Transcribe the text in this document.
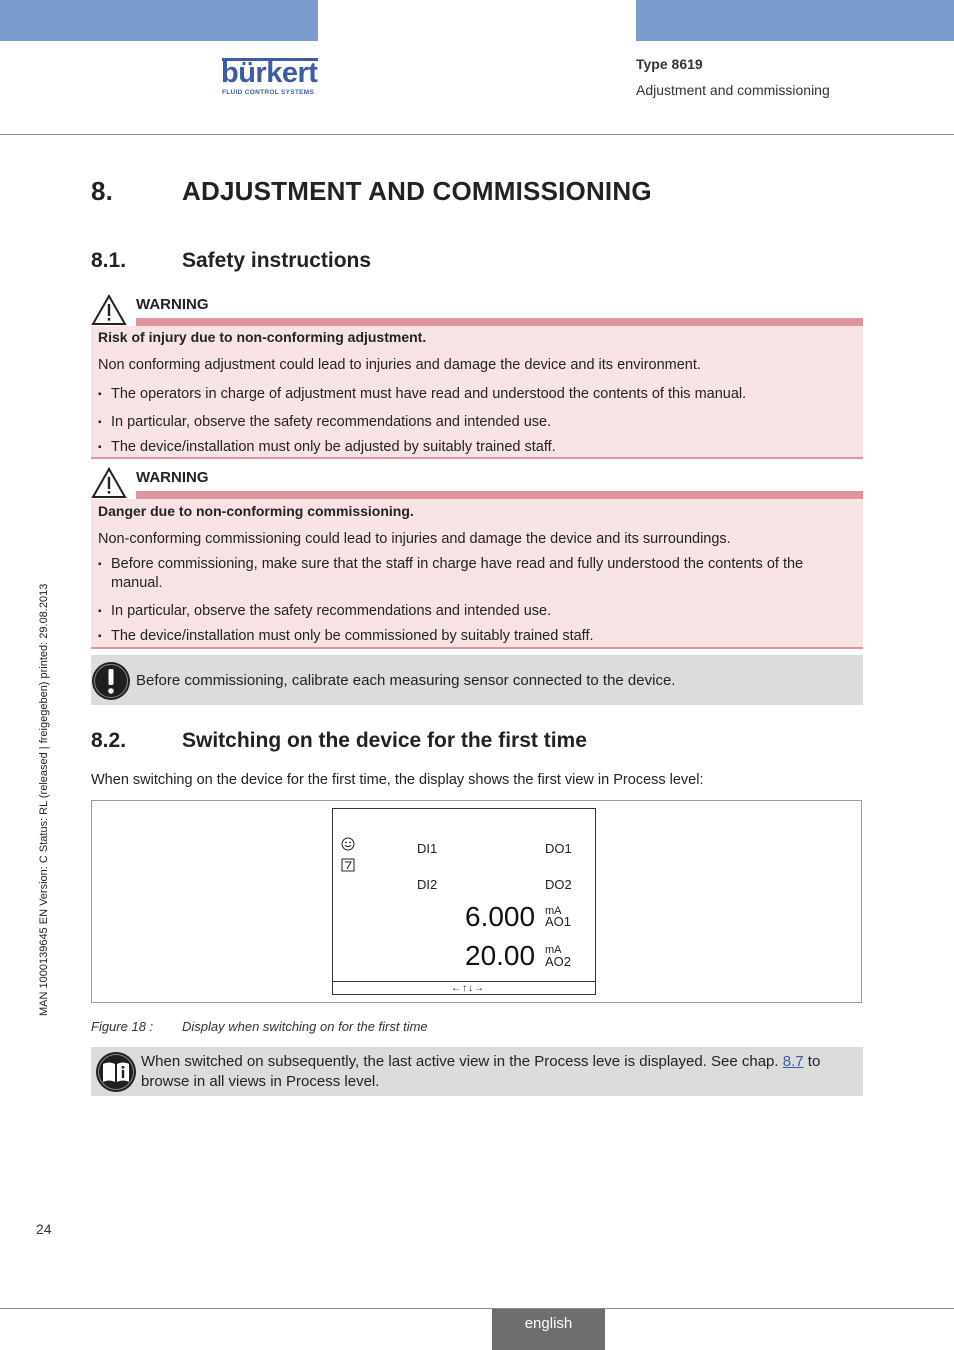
bürkert
FLUID CONTROL SYSTEMS
Type 8619
Adjustment and commissioning
MAN 1000139645 EN Version: C Status: RL (released | freigegeben) printed: 29.08.2013
8.	ADJUSTMENT AND COMMISSIONING
8.1.	Safety instructions
WARNING
Risk of injury due to non-conforming adjustment.
Non conforming adjustment could lead to injuries and damage the device and its environment.
▪ The operators in charge of adjustment must have read and understood the contents of this manual.
▪ In particular, observe the safety recommendations and intended use.
▪ The device/installation must only be adjusted by suitably trained staff.
WARNING
Danger due to non-conforming commissioning.
Non-conforming commissioning could lead to injuries and damage the device and its surroundings.
▪ Before commissioning, make sure that the staff in charge have read and fully understood the contents of the manual.
▪ In particular, observe the safety recommendations and intended use.
▪ The device/installation must only be commissioned by suitably trained staff.
Before commissioning, calibrate each measuring sensor connected to the device.
8.2.	Switching on the device for the first time
When switching on the device for the first time, the display shows the first view in Process level:
DI1	DO1
DI2	DO2
6.000 mA
AO1
20.00 mA
AO2
←↑↓→
Figure 18 : Display when switching on for the first time
When switched on subsequently, the last active view in the Process leve is displayed. See chap. 8.7 to browse in all views in Process level.
24
english
